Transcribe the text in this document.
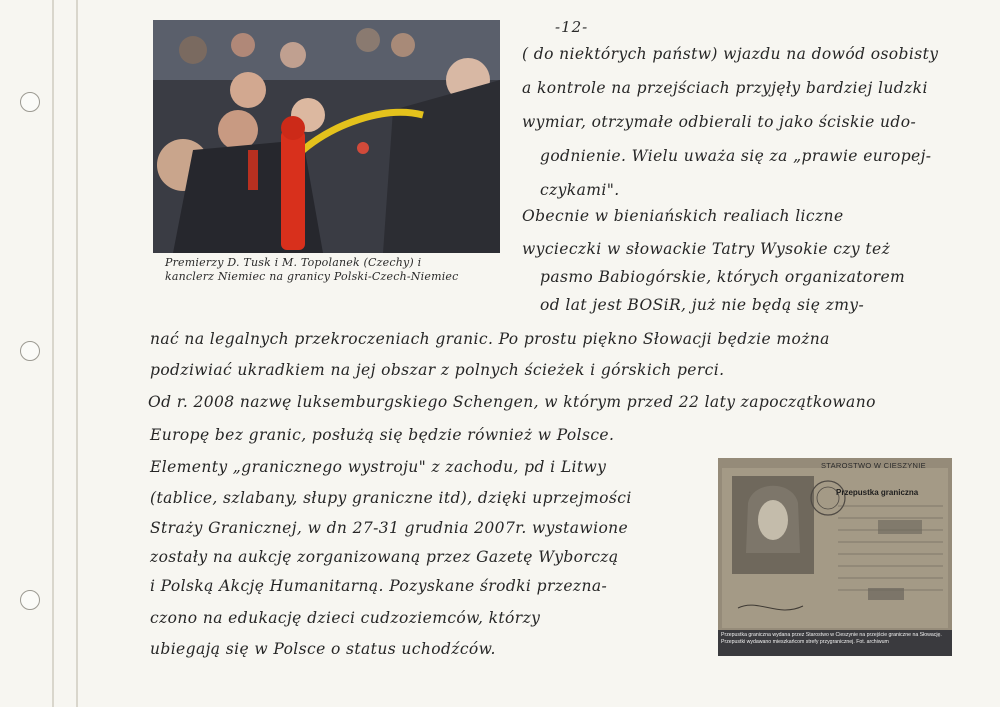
-12-
Premierzy D. Tusk i M. Topolanek (Czechy) i
kanclerz Niemiec na granicy Polski-Czech-Niemiec
( do niektórych państw) wjazdu na dowód osobisty
a kontrole na przejściach przyjęły bardziej ludzki
wymiar, otrzymałe odbierali to jako ściskie udo-
godnienie. Wielu uważa się za „prawie europej-
czykami".
Obecnie w bieniańskich realiach liczne
wycieczki w słowackie Tatry Wysokie czy też
pasmo Babiogórskie, których organizatorem
od lat jest BOSiR, już nie będą się zmy-
nać na legalnych przekroczeniach granic. Po prostu piękno Słowacji będzie można
podziwiać ukradkiem na jej obszar z polnych ścieżek i górskich perci.
Od r. 2008 nazwę luksemburgskiego Schengen, w którym przed 22 laty zapoczątkowano
Europę bez granic, posłużą się będzie również w Polsce.
Elementy „granicznego wystroju" z zachodu, pd i Litwy
(tablice, szlabany, słupy graniczne itd), dzięki uprzejmości
Straży Granicznej, w dn 27-31 grudnia 2007r. wystawione
zostały na aukcję zorganizowaną przez Gazetę Wyborczą
i Polską Akcję Humanitarną. Pozyskane środki przezna-
czono na edukację dzieci cudzoziemców, którzy
ubiegają się w Polsce o status uchodźców.
STAROSTWO W CIESZYNIE
Przepustka graniczna
Przepustka graniczna wydana przez Starostwo w Cieszynie na przejście graniczne na Słowację. Przepustki wydawano mieszkańcom strefy przygranicznej. Fot. archiwum
